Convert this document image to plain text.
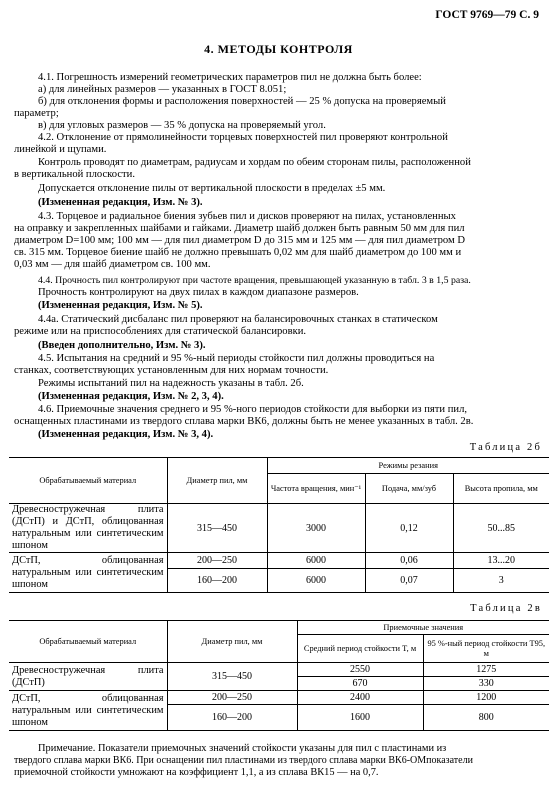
ГОСТ 9769—79 С. 9
4. МЕТОДЫ КОНТРОЛЯ
4.1. Погрешность измерений геометрических параметров пил не должна быть более:
а) для линейных размеров — указанных в ГОСТ 8.051;
б) для отклонения формы и расположения поверхностей — 25 % допуска на проверяемый
параметр;
в) для угловых размеров — 35 % допуска на проверяемый угол.
4.2. Отклонение от прямолинейности торцевых поверхностей пил проверяют контрольной
линейкой и щупами.
Контроль проводят по диаметрам, радиусам и хордам по обеим сторонам пилы, расположенной
в вертикальной плоскости.
Допускается отклонение пилы от вертикальной плоскости в пределах ±5 мм.
(Измененная редакция, Изм. № 3).
4.3. Торцевое и радиальное биения зубьев пил и дисков проверяют на пилах, установленных
на оправку и закрепленных шайбами и гайками. Диаметр шайб должен быть равным 50 мм для пил
диаметром D=100 мм; 100 мм — для пил диаметром D до 315 мм и 125 мм — для пил диаметром D
св. 315 мм. Торцевое биение шайб не должно превышать 0,02 мм для шайб диаметром до 100 мм и
0,03 мм — для шайб диаметром св. 100 мм.
4.4. Прочность пил контролируют при частоте вращения, превышающей указанную в табл. 3 в 1,5 раза.
Прочность контролируют на двух пилах в каждом диапазоне размеров.
(Измененная редакция, Изм. № 5).
4.4а. Статический дисбаланс пил проверяют на балансировочных станках в статическом
режиме или на приспособлениях для статической балансировки.
(Введен дополнительно, Изм. № 3).
4.5. Испытания на средний и 95 %-ный периоды стойкости пил должны проводиться на
станках, соответствующих установленным для них нормам точности.
Режимы испытаний пил на надежность указаны в табл. 2б.
(Измененная редакция, Изм. № 2, 3, 4).
4.6. Приемочные значения среднего и 95 %-ного периодов стойкости для выборки из пяти пил,
оснащенных пластинами из твердого сплава марки ВК6, должны быть не менее указанных в табл. 2в.
(Измененная редакция, Изм. № 3, 4).
Таблица 2б
Обрабатываемый материал	Диаметр пил, мм	Режимы резания		
		Частота вращения, мин⁻¹	Подача, мм/зуб	Высота пропила, мм
Древесностружечная плита (ДСтП) и ДСтП, облицованная натуральным или синтетическим шпоном	315—450	3000	0,12	50...85
ДСтП, облицованная натуральным или синтетическим шпоном	200—250	6000	0,06	13...20
	160—200	6000	0,07	3
Таблица 2в
Обрабатываемый материал	Диаметр пил, мм	Приемочные значения	
		Средний период стойкости T, м	95 %-ный период стойкости T95, м
Древесностружечная плита (ДСтП)	315—450	2550	1275
		670	330
ДСтП, облицованная натуральным или синтетическим шпоном	200—250	2400	1200
	160—200	1600	800
Примечание. Показатели приемочных значений стойкости указаны для пил с пластинами из
твердого сплава марки ВК6. При оснащении пил пластинами из твердого сплава марки ВК6-ОМпоказатели
приемочной стойкости умножают на коэффициент 1,1, а из сплава ВК15 — на 0,7.
